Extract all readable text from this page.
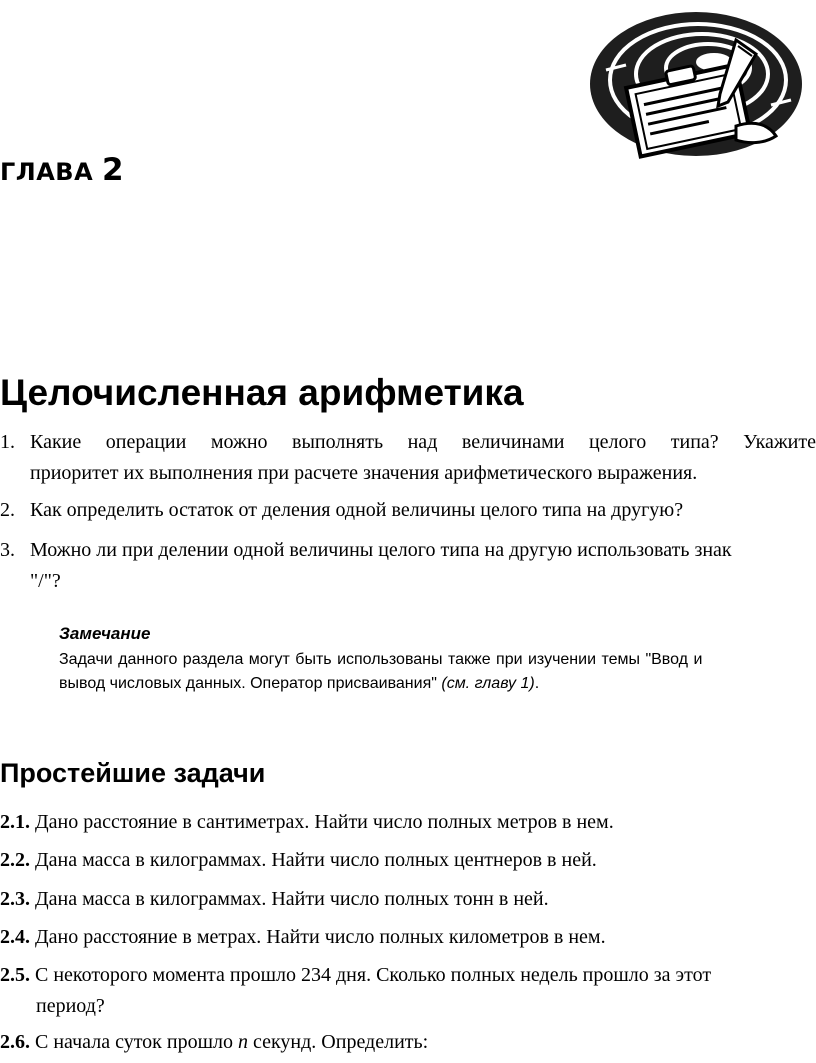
ГЛАВА 2
Целочисленная арифметика
1. Какие операции можно выполнять над величинами целого типа? Укажите
приоритет их выполнения при расчете значения арифметического выражения.
2. Как определить остаток от деления одной величины целого типа на другую?
3. Можно ли при делении одной величины целого типа на другую использовать знак
"/"?
Замечание
Задачи данного раздела могут быть использованы также при изучении темы "Ввод и
вывод числовых данных. Оператор присваивания" (см. главу 1).
Простейшие задачи
2.1. Дано расстояние в сантиметрах. Найти число полных метров в нем.
2.2. Дана масса в килограммах. Найти число полных центнеров в ней.
2.3. Дана масса в килограммах. Найти число полных тонн в ней.
2.4. Дано расстояние в метрах. Найти число полных километров в нем.
2.5. С некоторого момента прошло 234 дня. Сколько полных недель прошло за этот
период?
2.6. С начала суток прошло n секунд. Определить:
